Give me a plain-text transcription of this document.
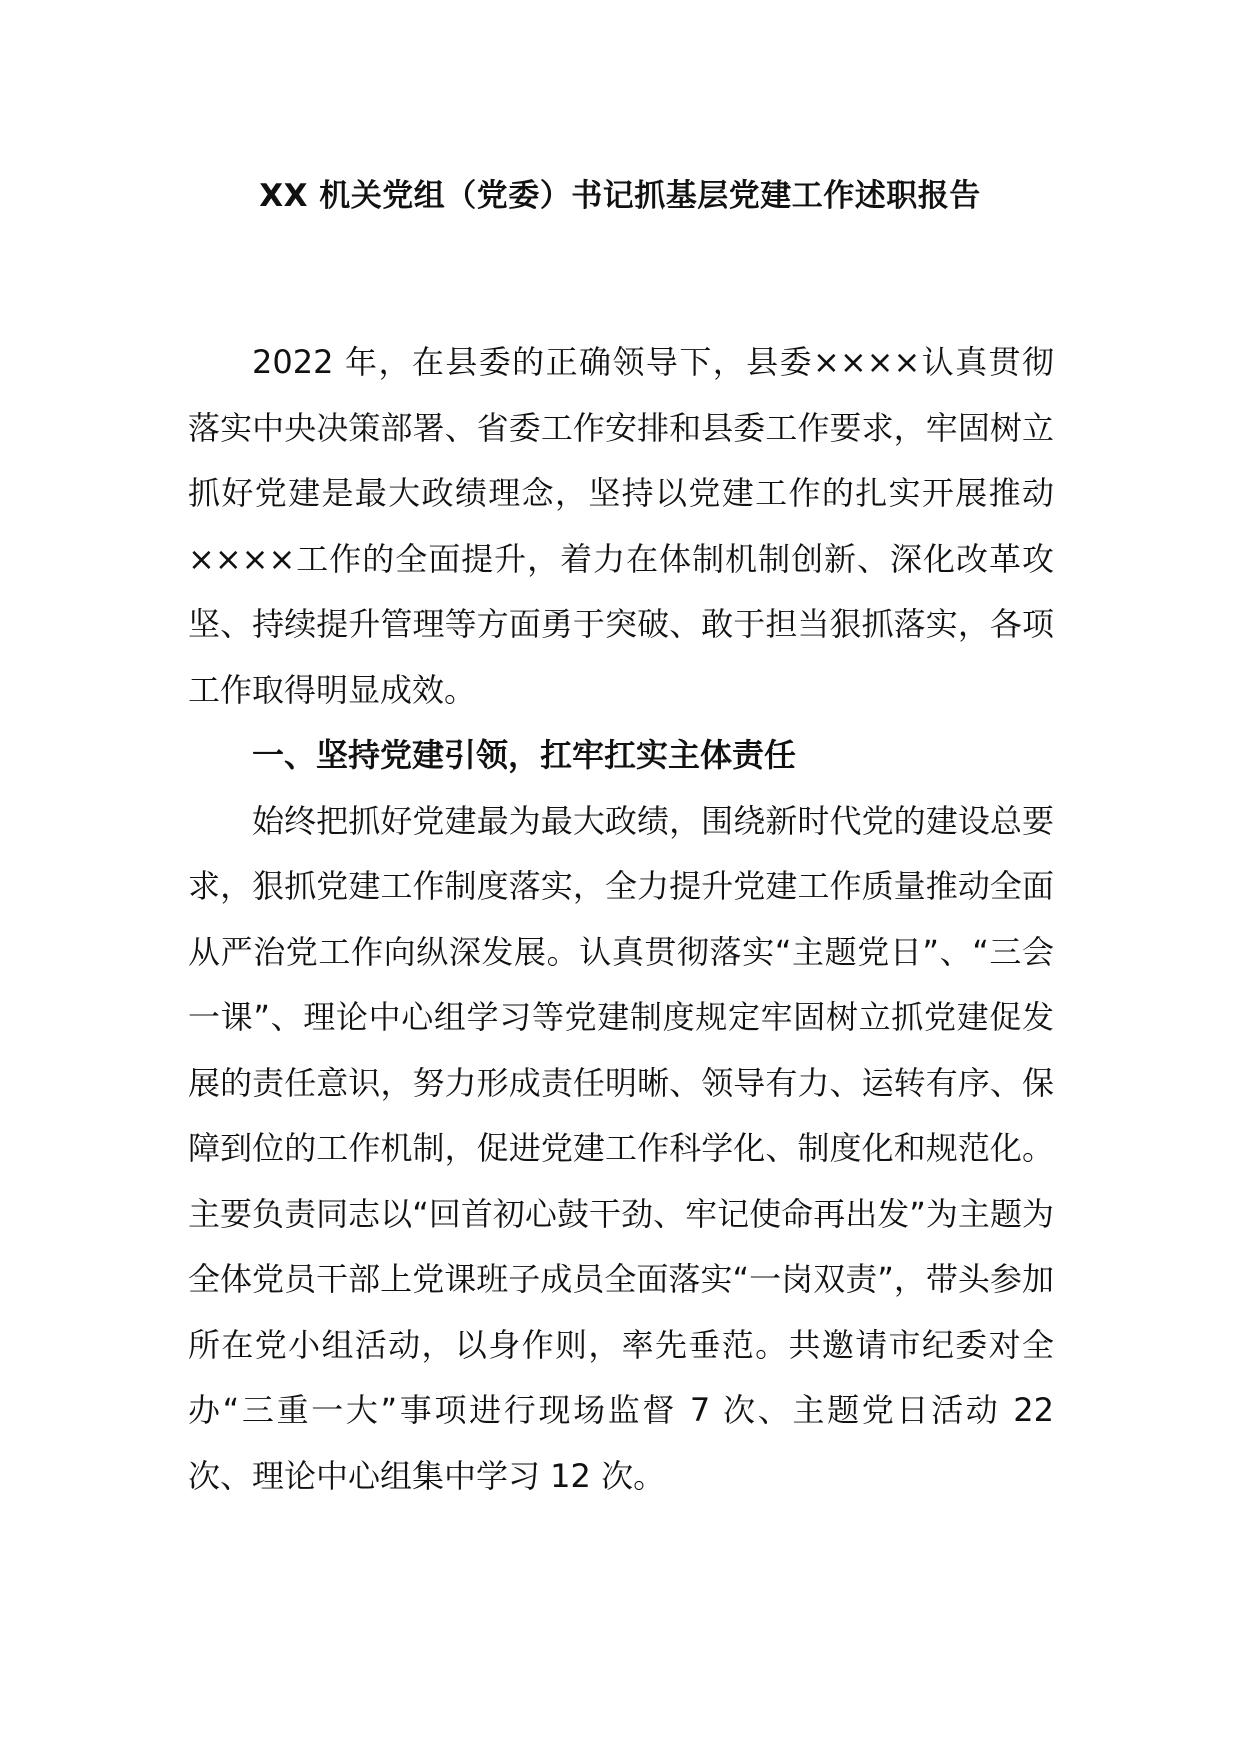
XX 机关党组（党委）书记抓基层党建工作述职报告

2022 年，在县委的正确领导下，县委××××认真贯彻落实中央决策部署、省委工作安排和县委工作要求，牢固树立抓好党建是最大政绩理念，坚持以党建工作的扎实开展推动××××工作的全面提升，着力在体制机制创新、深化改革攻坚、持续提升管理等方面勇于突破、敢于担当狠抓落实，各项工作取得明显成效。

一、坚持党建引领，扛牢扛实主体责任

始终把抓好党建最为最大政绩，围绕新时代党的建设总要求，狠抓党建工作制度落实，全力提升党建工作质量推动全面从严治党工作向纵深发展。认真贯彻落实“主题党日”、“三会一课”、理论中心组学习等党建制度规定牢固树立抓党建促发展的责任意识，努力形成责任明晰、领导有力、运转有序、保障到位的工作机制，促进党建工作科学化、制度化和规范化。主要负责同志以“回首初心鼓干劲、牢记使命再出发”为主题为全体党员干部上党课班子成员全面落实“一岗双责”，带头参加所在党小组活动，以身作则，率先垂范。共邀请市纪委对全办“三重一大”事项进行现场监督 7 次、主题党日活动 22 次、理论中心组集中学习 12 次。
